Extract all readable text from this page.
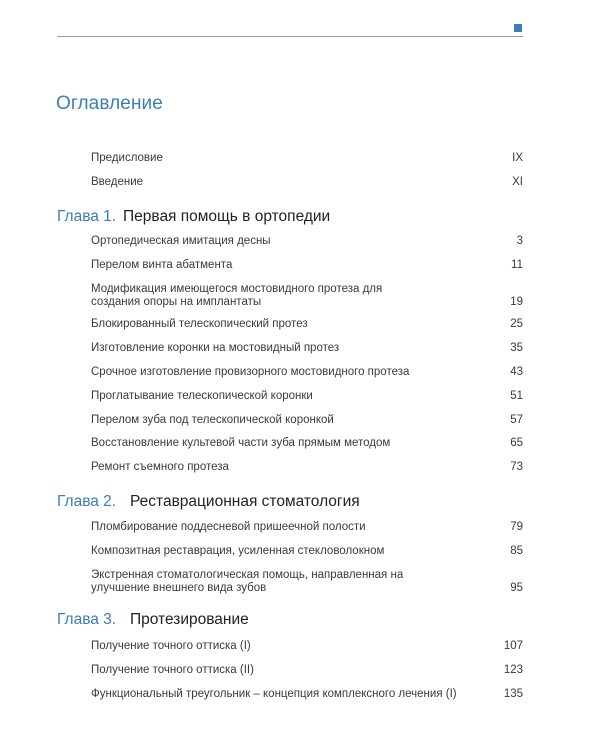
Оглавление
Предисловие	IX
Введение	XI
Глава 1. Первая помощь в ортопедии
Ортопедическая имитация десны	3
Перелом винта абатмента	11
Модификация имеющегося мостовидного протеза для создания опоры на имплантаты	19
Блокированный телескопический протез	25
Изготовление коронки на мостовидный протез	35
Срочное изготовление провизорного мостовидного протеза	43
Проглатывание телескопической коронки	51
Перелом зуба под телескопической коронкой	57
Восстановление культевой части зуба прямым методом	65
Ремонт съемного протеза	73
Глава 2. Реставрационная стоматология
Пломбирование поддесневой пришеечной полости	79
Композитная реставрация, усиленная стекловолокном	85
Экстренная стоматологическая помощь, направленная на улучшение внешнего вида зубов	95
Глава 3. Протезирование
Получение точного оттиска (I)	107
Получение точного оттиска (II)	123
Функциональный треугольник – концепция комплексного лечения (I)	135
